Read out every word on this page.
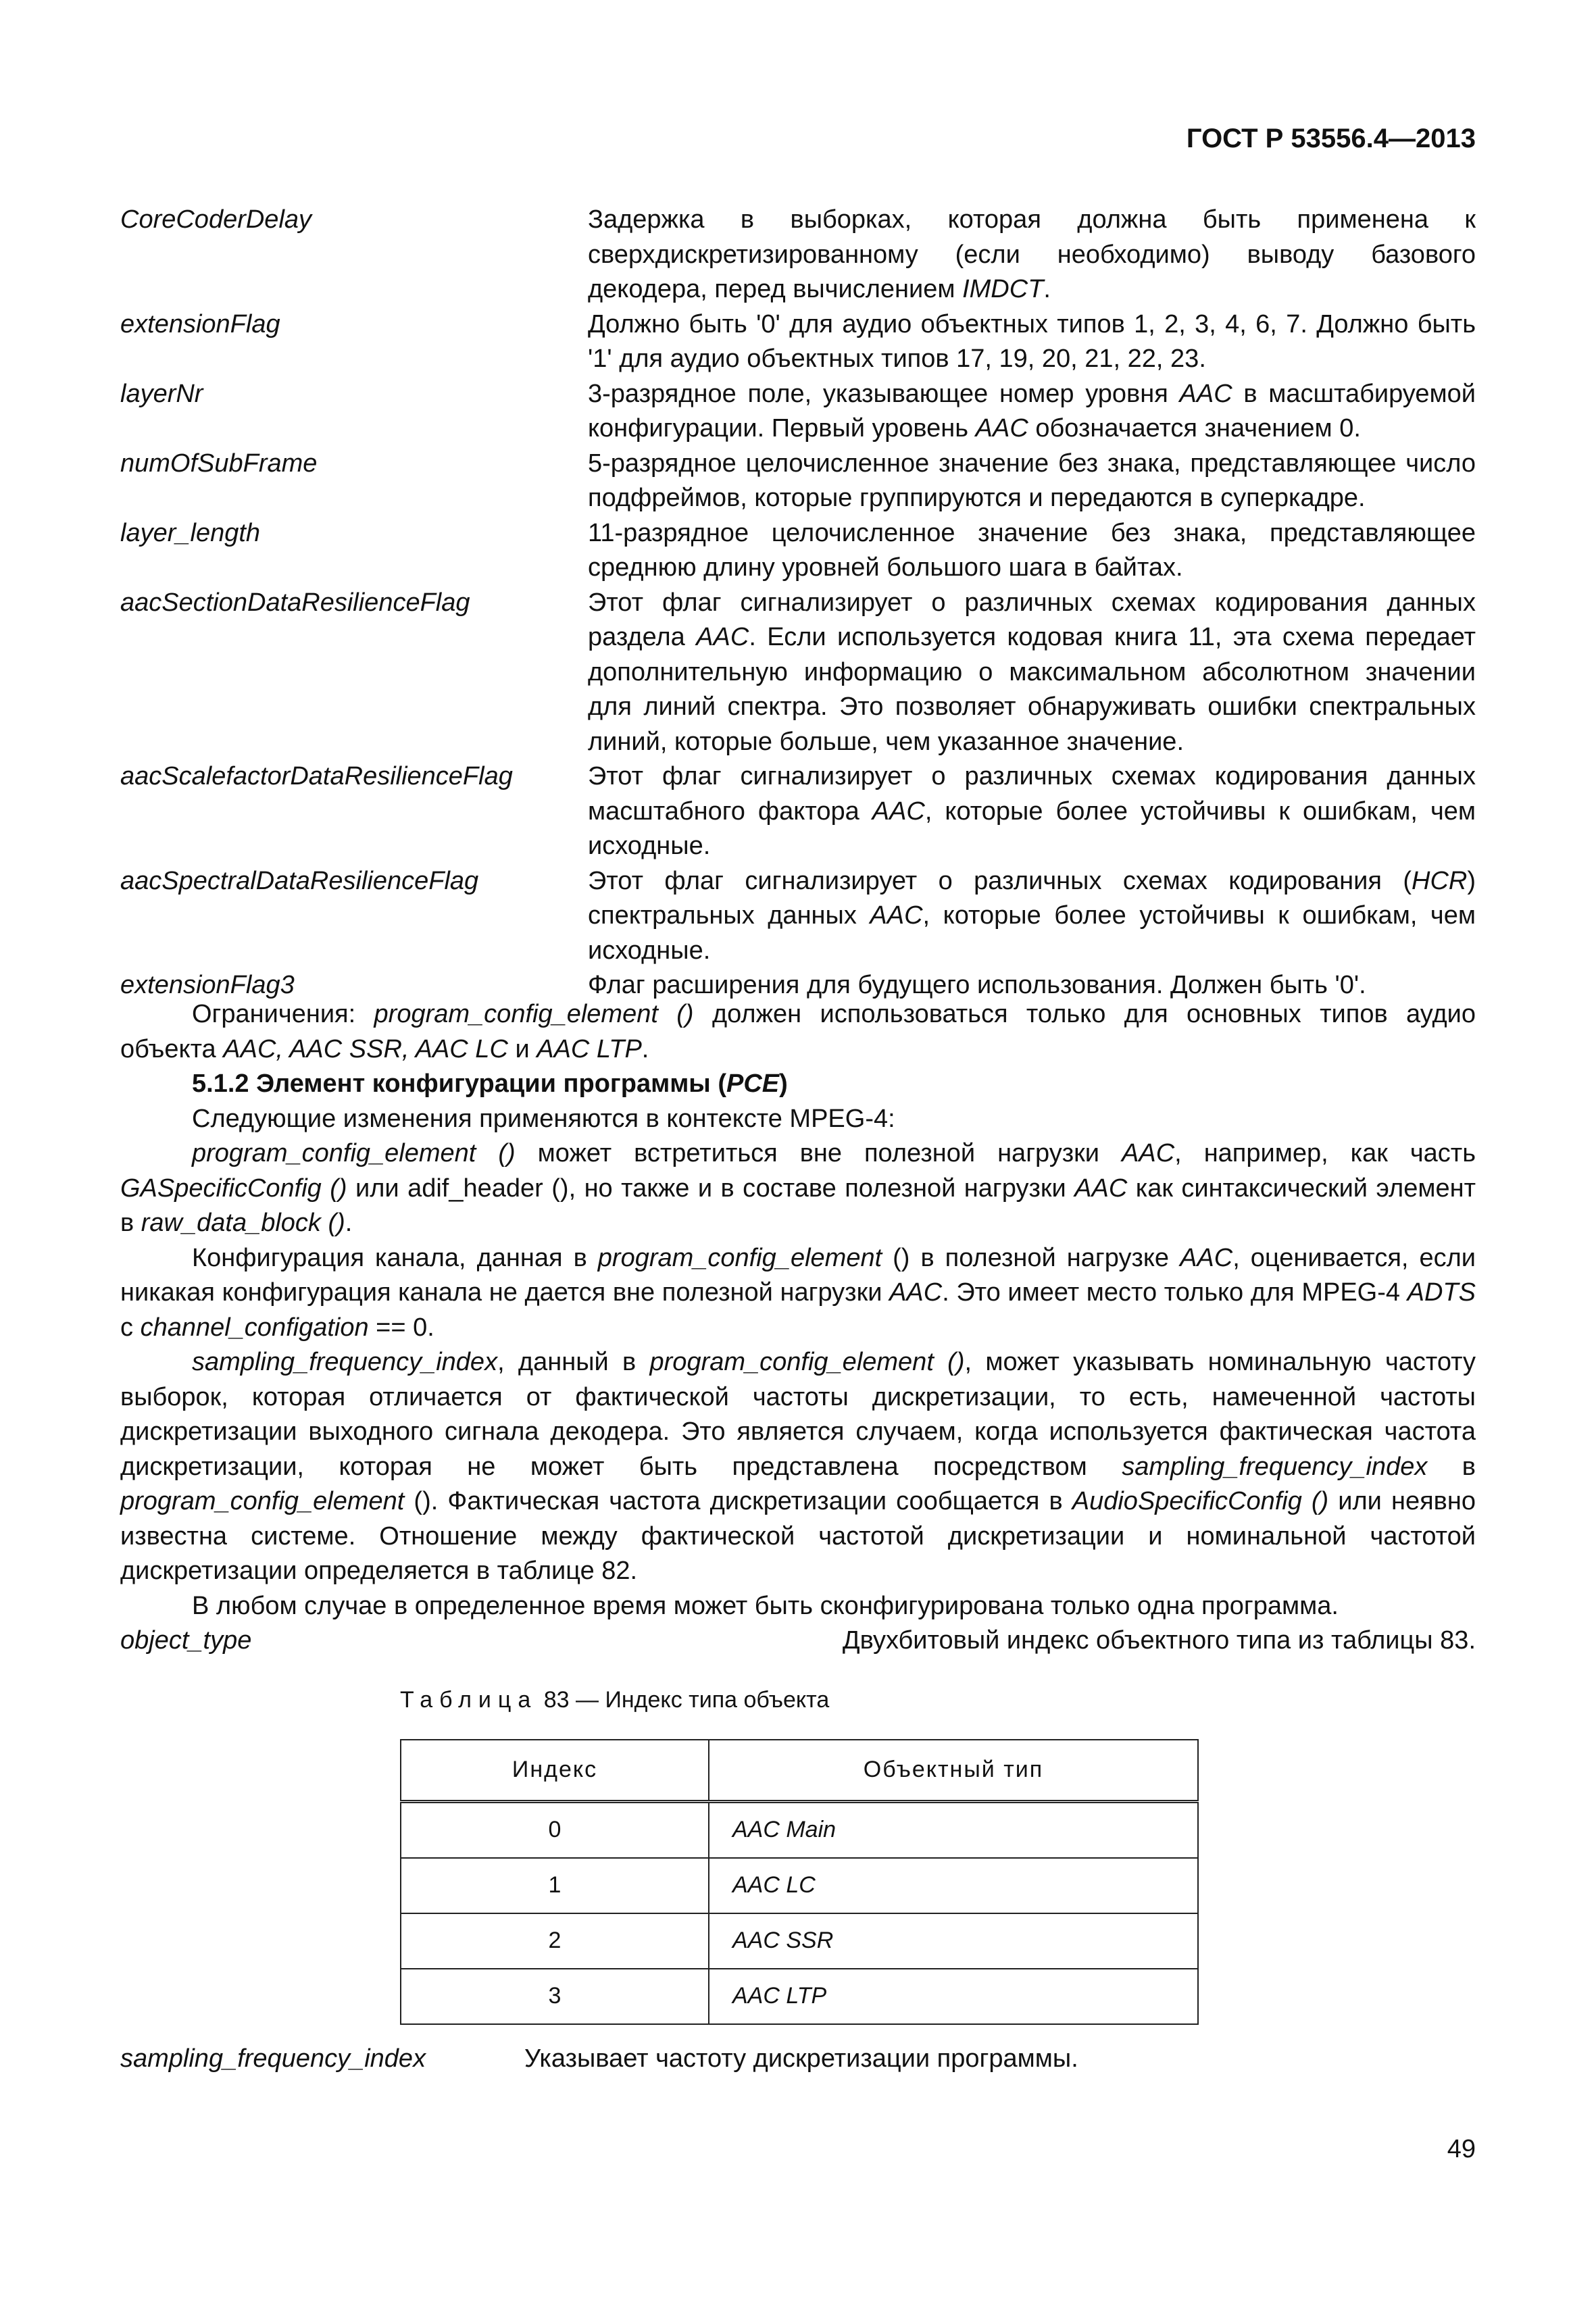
ГОСТ Р 53556.4—2013
CoreCoderDelay	Задержка в выборках, которая должна быть применена к сверхдискретизированному (если необходимо) выводу базового декодера, перед вычислением IMDCT.
extensionFlag	Должно быть '0' для аудио объектных типов 1, 2, 3, 4, 6, 7. Должно быть '1' для аудио объектных типов 17, 19, 20, 21, 22, 23.
layerNr	3-разрядное поле, указывающее номер уровня AAC в масштабируемой конфигурации. Первый уровень AAC обозначается значением 0.
numOfSubFrame	5-разрядное целочисленное значение без знака, представляющее число подфреймов, которые группируются и передаются в суперкадре.
layer_length	11-разрядное целочисленное значение без знака, представляющее среднюю длину уровней большого шага в байтах.
aacSectionDataResilienceFlag	Этот флаг сигнализирует о различных схемах кодирования данных раздела AAC. Если используется кодовая книга 11, эта схема передает дополнительную информацию о максимальном абсолютном значении для линий спектра. Это позволяет обнаруживать ошибки спектральных линий, которые больше, чем указанное значение.
aacScalefactorDataResilienceFlag	Этот флаг сигнализирует о различных схемах кодирования данных масштабного фактора AAC, которые более устойчивы к ошибкам, чем исходные.
aacSpectralDataResilienceFlag	Этот флаг сигнализирует о различных схемах кодирования (HCR) спектральных данных AAC, которые более устойчивы к ошибкам, чем исходные.
extensionFlag3	Флаг расширения для будущего использования. Должен быть '0'.

Ограничения: program_config_element () должен использоваться только для основных типов аудио объекта AAC, AAC SSR, AAC LC и AAC LTP.

5.1.2 Элемент конфигурации программы (PCE)

Следующие изменения применяются в контексте MPEG-4:

program_config_element () может встретиться вне полезной нагрузки AAC, например, как часть GASpecificConfig () или adif_header (), но также и в составе полезной нагрузки AAC как синтаксический элемент в raw_data_block ().

Конфигурация канала, данная в program_config_element () в полезной нагрузке AAC, оценивается, если никакая конфигурация канала не дается вне полезной нагрузки AAC. Это имеет место только для MPEG-4 ADTS с channel_configation == 0.

sampling_frequency_index, данный в program_config_element (), может указывать номинальную частоту выборок, которая отличается от фактической частоты дискретизации, то есть, намеченной частоты дискретизации выходного сигнала декодера. Это является случаем, когда используется фактическая частота дискретизации, которая не может быть представлена посредством sampling_frequency_index в program_config_element (). Фактическая частота дискретизации сообщается в AudioSpecificConfig () или неявно известна системе. Отношение между фактической частотой дискретизации и номинальной частотой дискретизации определяется в таблице 82.

В любом случае в определенное время может быть сконфигурирована только одна программа.

object_type	Двухбитовый индекс объектного типа из таблицы 83.
Таблица 83 — Индекс типа объекта
Индекс	Объектный тип
0	AAC Main
1	AAC LC
2	AAC SSR
3	AAC LTP
sampling_frequency_index	Указывает частоту дискретизации программы.
49
